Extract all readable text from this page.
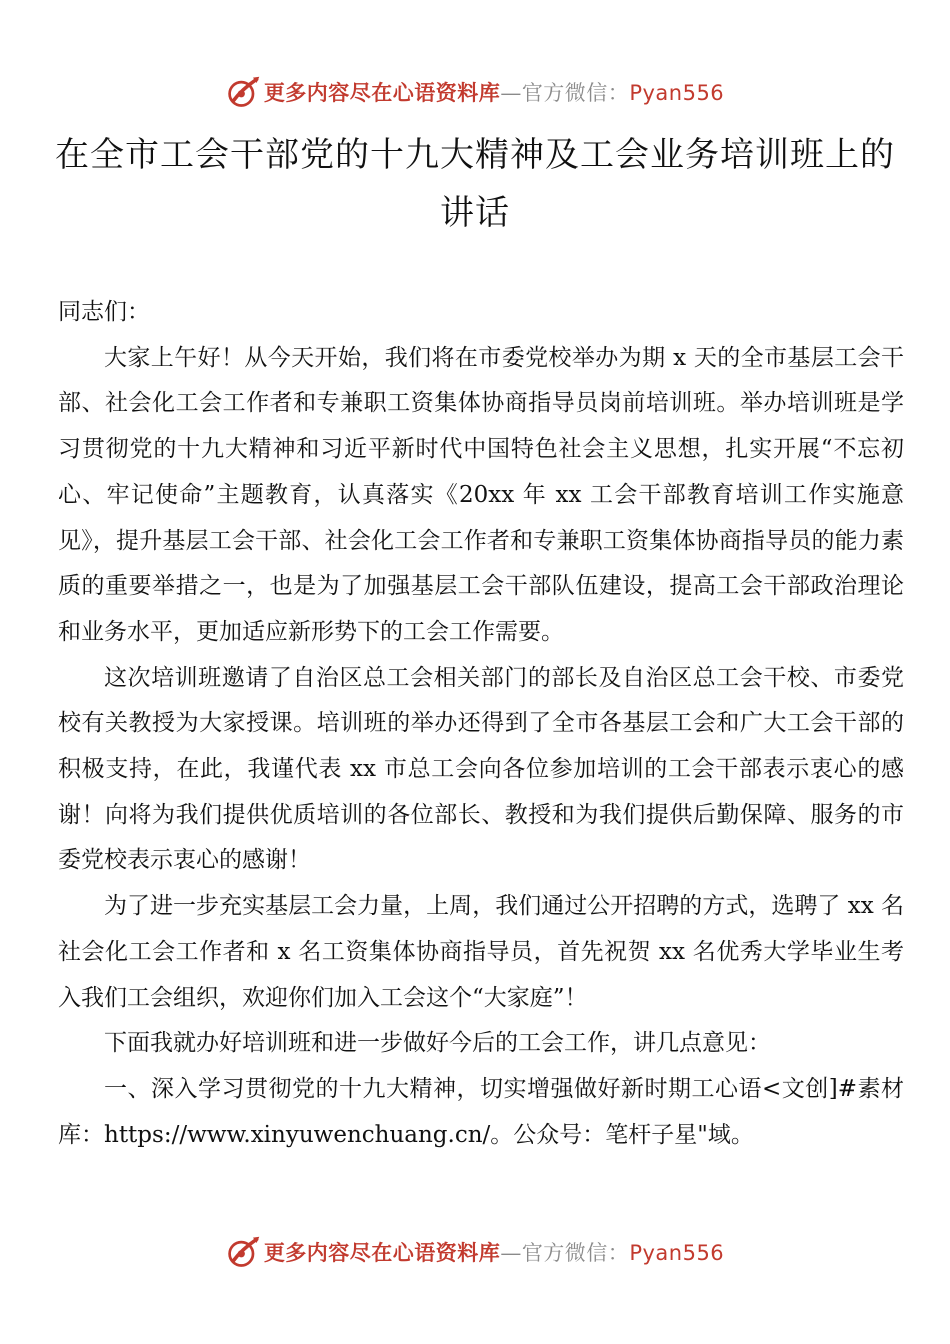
更多内容尽在心语资料库—官方微信：Pyan556
在全市工会干部党的十九大精神及工会业务培训班上的讲话

同志们：

大家上午好！从今天开始，我们将在市委党校举办为期 x 天的全市基层工会干部、社会化工会工作者和专兼职工资集体协商指导员岗前培训班。举办培训班是学习贯彻党的十九大精神和习近平新时代中国特色社会主义思想，扎实开展“不忘初心、牢记使命”主题教育，认真落实《20xx 年 xx 工会干部教育培训工作实施意见》，提升基层工会干部、社会化工会工作者和专兼职工资集体协商指导员的能力素质的重要举措之一，也是为了加强基层工会干部队伍建设，提高工会干部政治理论和业务水平，更加适应新形势下的工会工作需要。

这次培训班邀请了自治区总工会相关部门的部长及自治区总工会干校、市委党校有关教授为大家授课。培训班的举办还得到了全市各基层工会和广大工会干部的积极支持，在此，我谨代表 xx 市总工会向各位参加培训的工会干部表示衷心的感谢！向将为我们提供优质培训的各位部长、教授和为我们提供后勤保障、服务的市委党校表示衷心的感谢！

为了进一步充实基层工会力量，上周，我们通过公开招聘的方式，选聘了 xx 名社会化工会工作者和 x 名工资集体协商指导员，首先祝贺 xx 名优秀大学毕业生考入我们工会组织，欢迎你们加入工会这个“大家庭”！

下面我就办好培训班和进一步做好今后的工会工作，讲几点意见：

一、深入学习贯彻党的十九大精神，切实增强做好新时期工心语<文创]#素材库：https://www.xinyuwenchuang.cn/。公众号：笔杆子星"域。

更多内容尽在心语资料库—官方微信：Pyan556
